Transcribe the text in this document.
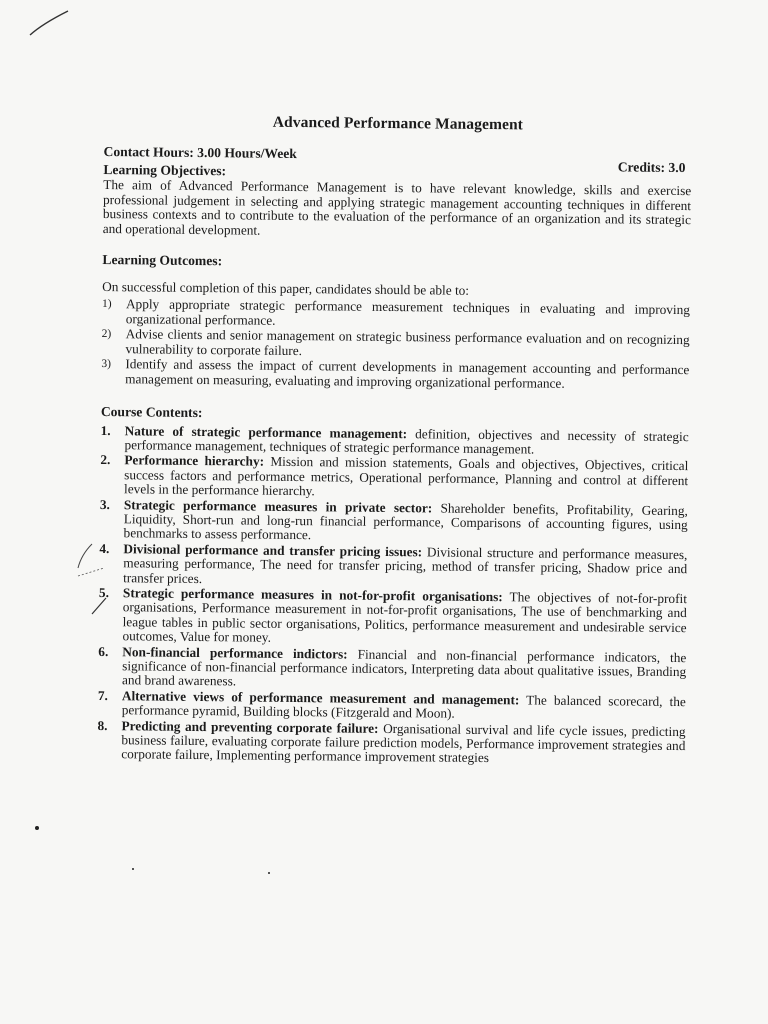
Advanced Performance Management
Contact Hours: 3.00 Hours/Week
Credits: 3.0
Learning Objectives:

The aim of Advanced Performance Management is to have relevant knowledge, skills and exercise professional judgement in selecting and applying strategic management accounting techniques in different business contexts and to contribute to the evaluation of the performance of an organization and its strategic and operational development.

Learning Outcomes:

On successful completion of this paper, candidates should be able to:

1) Apply appropriate strategic performance measurement techniques in evaluating and improving organizational performance.
2) Advise clients and senior management on strategic business performance evaluation and on recognizing vulnerability to corporate failure.
3) Identify and assess the impact of current developments in management accounting and performance management on measuring, evaluating and improving organizational performance.
Course Contents:
1. Nature of strategic performance management: definition, objectives and necessity of strategic performance management, techniques of strategic performance management.
2. Performance hierarchy: Mission and mission statements, Goals and objectives, Objectives, critical success factors and performance metrics, Operational performance, Planning and control at different levels in the performance hierarchy.
3. Strategic performance measures in private sector: Shareholder benefits, Profitability, Gearing, Liquidity, Short-run and long-run financial performance, Comparisons of accounting figures, using benchmarks to assess performance.
4. Divisional performance and transfer pricing issues: Divisional structure and performance measures, measuring performance, The need for transfer pricing, method of transfer pricing, Shadow price and transfer prices.
5. Strategic performance measures in not-for-profit organisations: The objectives of not-for-profit organisations, Performance measurement in not-for-profit organisations, The use of benchmarking and league tables in public sector organisations, Politics, performance measurement and undesirable service outcomes, Value for money.
6. Non-financial performance indictors: Financial and non-financial performance indicators, the significance of non-financial performance indicators, Interpreting data about qualitative issues, Branding and brand awareness.
7. Alternative views of performance measurement and management: The balanced scorecard, the performance pyramid, Building blocks (Fitzgerald and Moon).
8. Predicting and preventing corporate failure: Organisational survival and life cycle issues, predicting business failure, evaluating corporate failure prediction models, Performance improvement strategies and corporate failure, Implementing performance improvement strategies
